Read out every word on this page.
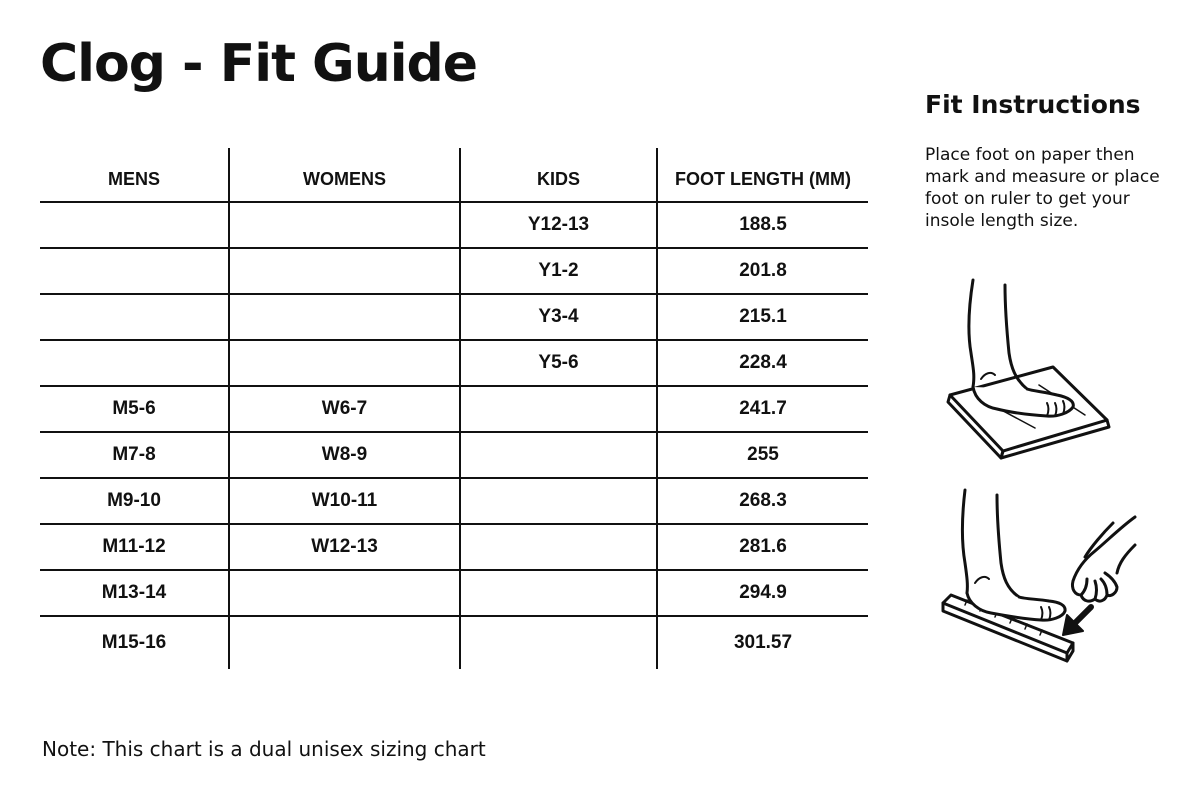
Clog - Fit Guide
MENS	WOMENS	KIDS	FOOT LENGTH (MM)
		Y12-13	188.5
		Y1-2	201.8
		Y3-4	215.1
		Y5-6	228.4
M5-6	W6-7		241.7
M7-8	W8-9		255
M9-10	W10-11		268.3
M11-12	W12-13		281.6
M13-14			294.9
M15-16			301.57
Fit Instructions
Place foot on paper then mark and measure or place foot on ruler to get your insole length size.
Note: This chart is a dual unisex sizing chart
